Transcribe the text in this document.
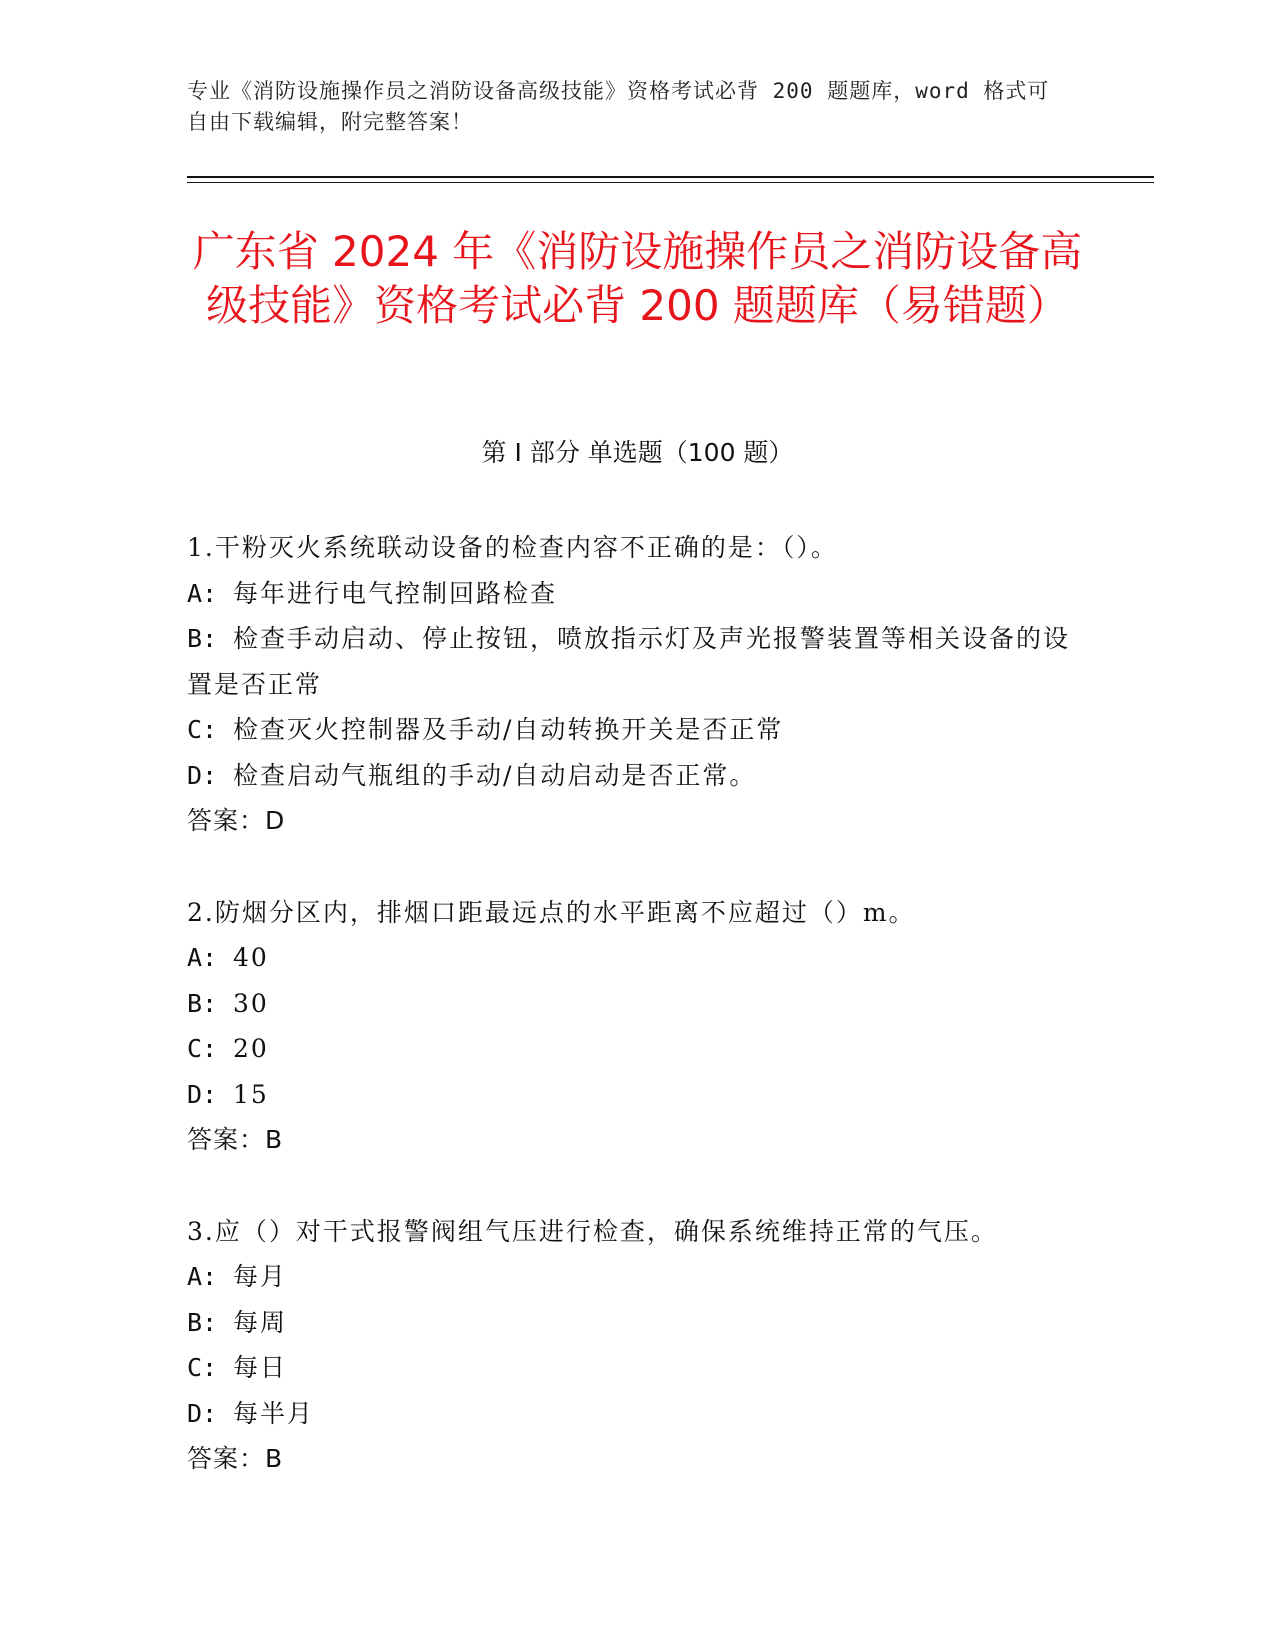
专业《消防设施操作员之消防设备高级技能》资格考试必背 200 题题库，word 格式可自由下载编辑，附完整答案！
广东省 2024 年《消防设施操作员之消防设备高级技能》资格考试必背 200 题题库（易错题）
第 I 部分 单选题（100 题）
1.干粉灭火系统联动设备的检查内容不正确的是：（）。
A: 每年进行电气控制回路检查
B: 检查手动启动、停止按钮，喷放指示灯及声光报警装置等相关设备的设置是否正常
C: 检查灭火控制器及手动/自动转换开关是否正常
D: 检查启动气瓶组的手动/自动启动是否正常。
答案：D
2.防烟分区内，排烟口距最远点的水平距离不应超过（）m。
A: 40
B: 30
C: 20
D: 15
答案：B
3.应（）对干式报警阀组气压进行检查，确保系统维持正常的气压。
A: 每月
B: 每周
C: 每日
D: 每半月
答案：B
